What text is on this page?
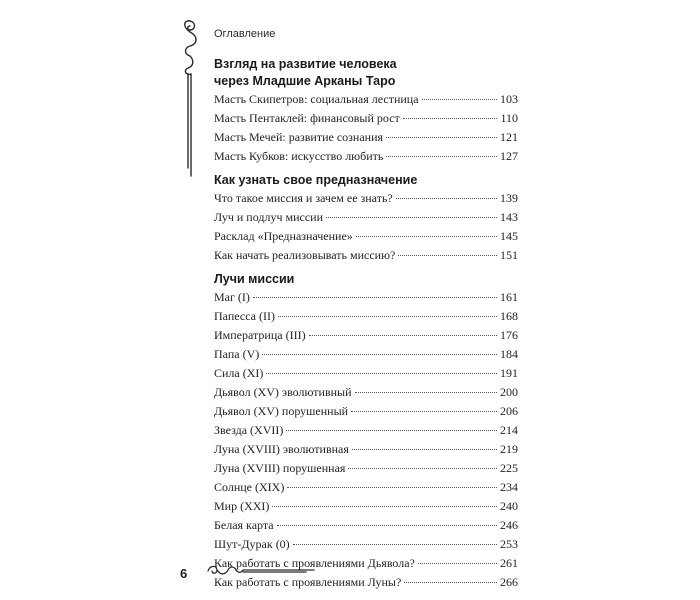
Оглавление
Взгляд на развитие человека
через Младшие Арканы Таро
Масть Скипетров: социальная лестница	103
Масть Пентаклей: финансовый рост	110
Масть Мечей: развитие сознания	121
Масть Кубков: искусство любить	127
Как узнать свое предназначение
Что такое миссия и зачем ее знать?	139
Луч и подлуч миссии	143
Расклад «Предназначение»	145
Как начать реализовывать миссию?	151
Лучи миссии
Маг (I)	161
Папесса (II)	168
Императрица (III)	176
Папа (V)	184
Сила (XI)	191
Дьявол (XV) эволютивный	200
Дьявол (XV) порушенный	206
Звезда (XVII)	214
Луна (XVIII) эволютивная	219
Луна (XVIII) порушенная	225
Солнце (XIX)	234
Мир (XXI)	240
Белая карта	246
Шут-Дурак (0)	253
Как работать с проявлениями Дьявола?	261
Как работать с проявлениями Луны?	266
6
